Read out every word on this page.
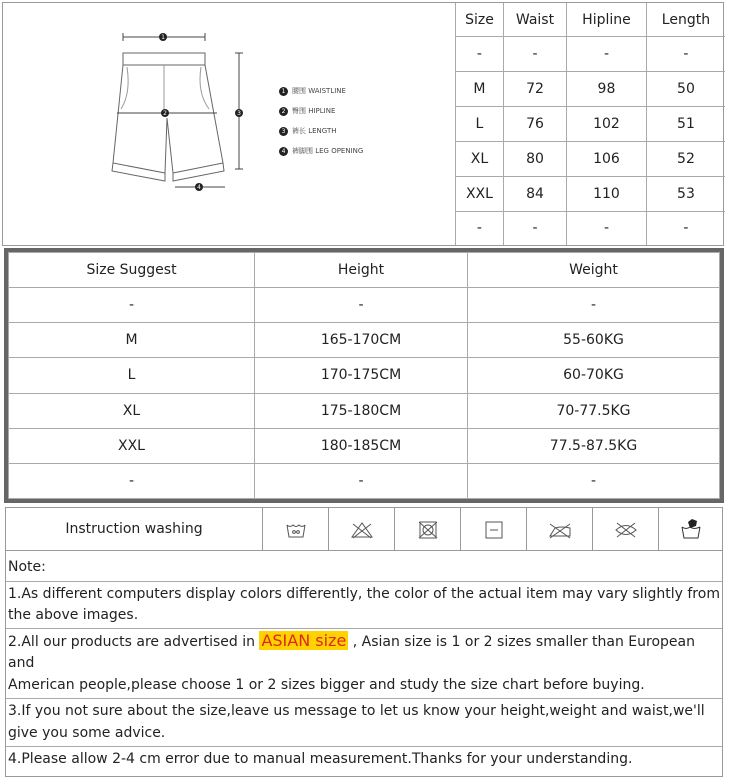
1
2	3
4
1 腰围 WAISTLINE
2 臀围 HIPLINE
3 裤长 LENGTH
4 裤脚围 LEG OPENING
Size	Waist	Hipline	Length
-	-	-	-
M	72	98	50
L	76	102	51
XL	80	106	52
XXL	84	110	53
-	-	-	-
Size Suggest	Height	Weight
-	-	-
M	165-170CM	55-60KG
L	170-175CM	60-70KG
XL	175-180CM	70-77.5KG
XXL	180-185CM	77.5-87.5KG
-	-	-
Instruction washing							
Note:
1.As different computers display colors differently, the color of the actual item may vary slightly from
the above images.
2.All our products are advertised in ASIAN size , Asian size is 1 or 2 sizes smaller than European
and
American people,please choose 1 or 2 sizes bigger and study the size chart before buying.
3.If you not sure about the size,leave us message to let us know your height,weight and waist,we'll
give you some advice.
4.Please allow 2-4 cm error due to manual measurement.Thanks for your understanding.
